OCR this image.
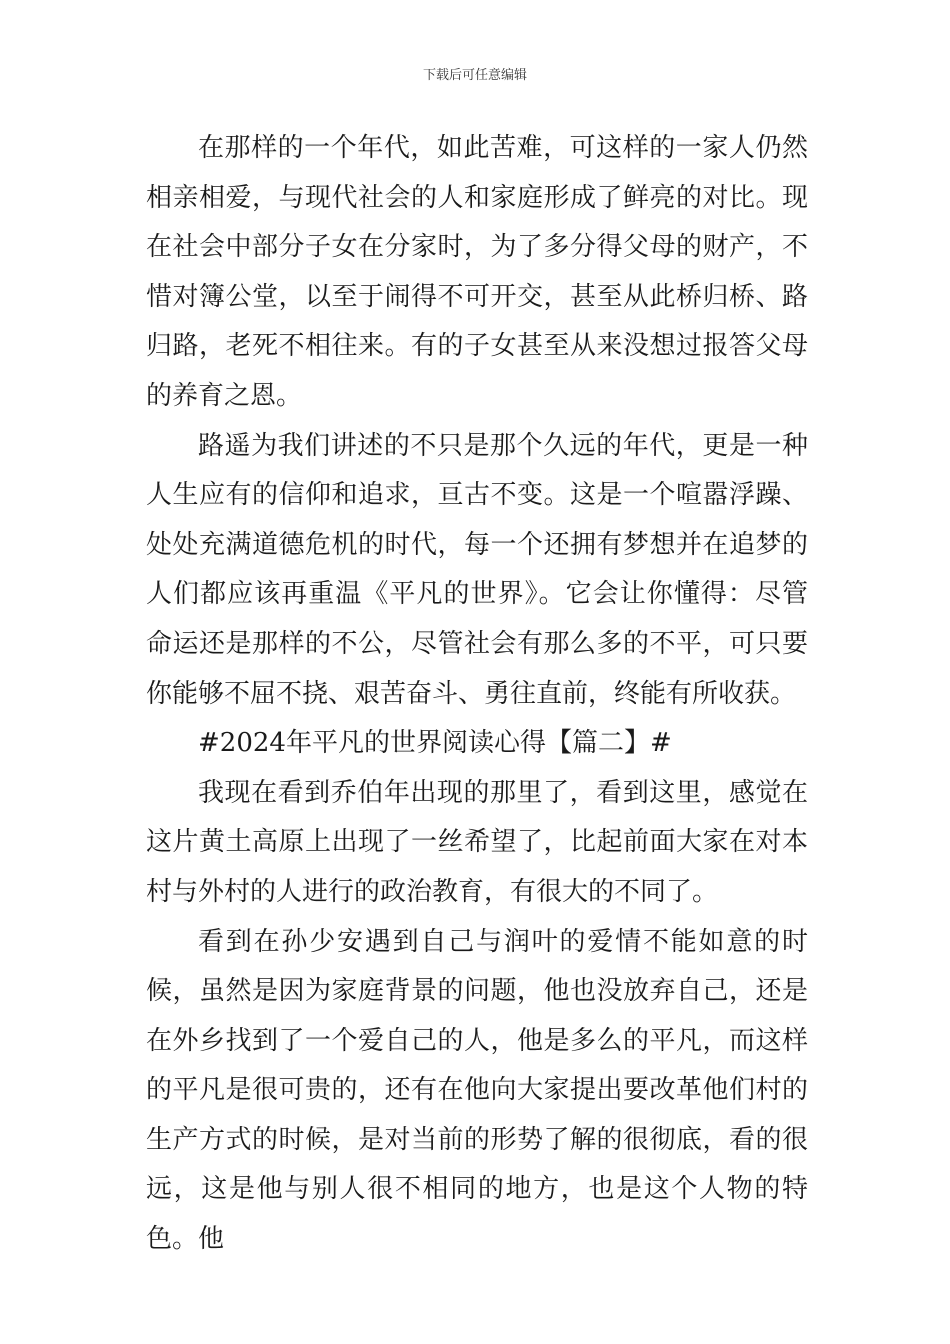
下载后可任意编辑

在那样的一个年代，如此苦难，可这样的一家人仍然相亲相爱，与现代社会的人和家庭形成了鲜亮的对比。现在社会中部分子女在分家时，为了多分得父母的财产，不惜对簿公堂，以至于闹得不可开交，甚至从此桥归桥、路归路，老死不相往来。有的子女甚至从来没想过报答父母的养育之恩。

路遥为我们讲述的不只是那个久远的年代，更是一种人生应有的信仰和追求，亘古不变。这是一个喧嚣浮躁、处处充满道德危机的时代，每一个还拥有梦想并在追梦的人们都应该再重温《平凡的世界》。它会让你懂得：尽管命运还是那样的不公，尽管社会有那么多的不平，可只要你能够不屈不挠、艰苦奋斗、勇往直前，终能有所收获。

#2024年平凡的世界阅读心得【篇二】#

我现在看到乔伯年出现的那里了，看到这里，感觉在这片黄土高原上出现了一丝希望了，比起前面大家在对本村与外村的人进行的政治教育，有很大的不同了。

看到在孙少安遇到自己与润叶的爱情不能如意的时候，虽然是因为家庭背景的问题，他也没放弃自己，还是在外乡找到了一个爱自己的人，他是多么的平凡，而这样的平凡是很可贵的，还有在他向大家提出要改革他们村的生产方式的时候，是对当前的形势了解的很彻底，看的很远，这是他与别人很不相同的地方，也是这个人物的特色。他
